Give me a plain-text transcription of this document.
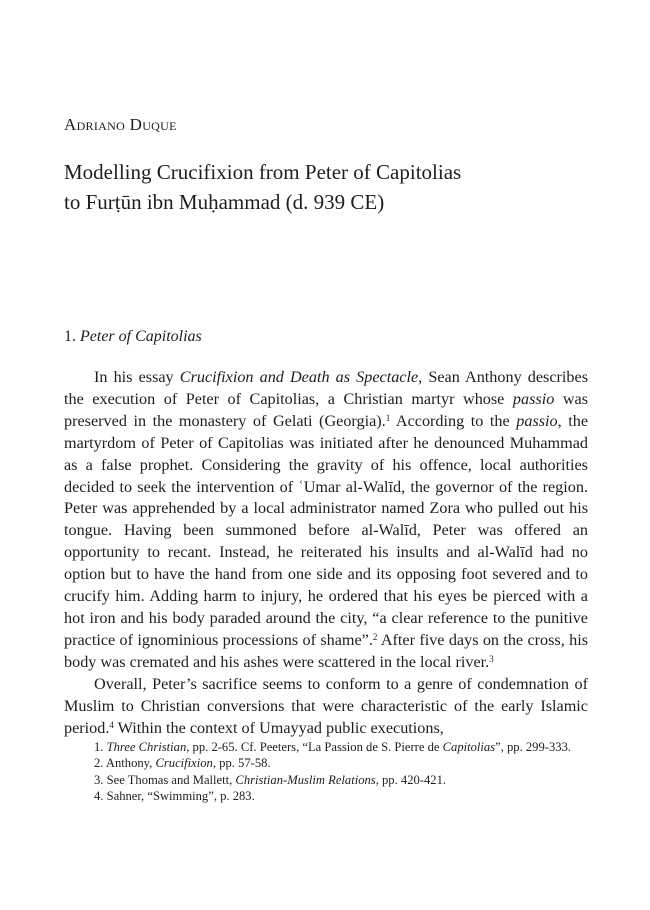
Adriano Duque
Modelling Crucifixion from Peter of Capitolias
to Furṭūn ibn Muḥammad (d. 939 CE)
1. Peter of Capitolias

In his essay Crucifixion and Death as Spectacle, Sean Anthony describes the execution of Peter of Capitolias, a Christian martyr whose passio was preserved in the monastery of Gelati (Georgia).$^1$ According to the passio, the martyrdom of Peter of Capitolias was initiated after he denounced Muhammad as a false prophet. Considering the gravity of his offence, local authorities decided to seek the intervention of ʿUmar al-Walīd, the governor of the region. Peter was apprehended by a local administrator named Zora who pulled out his tongue. Having been summoned before al-Walīd, Peter was offered an opportunity to recant. Instead, he reiterated his insults and al-Walīd had no option but to have the hand from one side and its opposing foot severed and to crucify him. Adding harm to injury, he ordered that his eyes be pierced with a hot iron and his body paraded around the city, “a clear reference to the punitive practice of ignominious processions of shame”.$^2$ After five days on the cross, his body was cremated and his ashes were scattered in the local river.$^3$

Overall, Peter’s sacrifice seems to conform to a genre of condemnation of Muslim to Christian conversions that were characteristic of the early Islamic period.$^4$ Within the context of Umayyad public executions,

1. Three Christian, pp. 2-65. Cf. Peeters, “La Passion de S. Pierre de Capitolias”, pp. 299-333.

2. Anthony, Crucifixion, pp. 57-58.

3. See Thomas and Mallett, Christian-Muslim Relations, pp. 420-421.

4. Sahner, “Swimming”, p. 283.
